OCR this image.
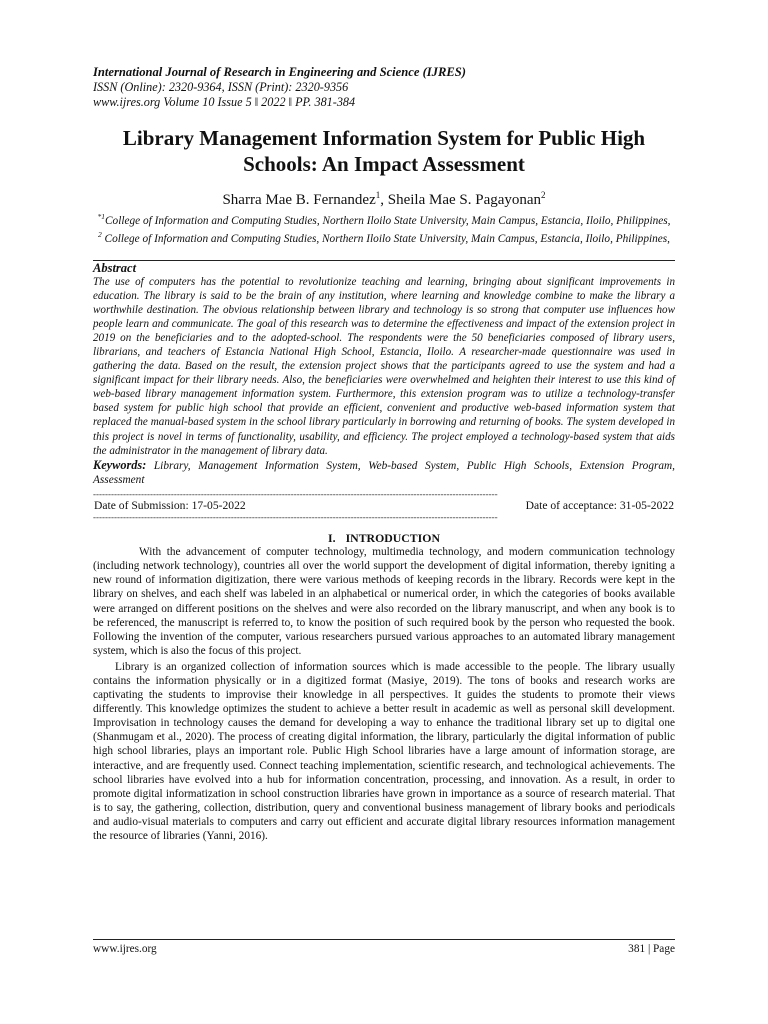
International Journal of Research in Engineering and Science (IJRES)
ISSN (Online): 2320-9364, ISSN (Print): 2320-9356
www.ijres.org Volume 10 Issue 5 ǁ 2022 ǁ PP. 381-384
Library Management Information System for Public High Schools: An Impact Assessment
Sharra Mae B. Fernandez$^1$, Sheila Mae S. Pagayonan$^2$
$^{*1}$College of Information and Computing Studies, Northern Iloilo State University, Main Campus, Estancia, Iloilo, Philippines,
$^2$ College of Information and Computing Studies, Northern Iloilo State University, Main Campus, Estancia, Iloilo, Philippines,
Abstract
The use of computers has the potential to revolutionize teaching and learning, bringing about significant improvements in education. The library is said to be the brain of any institution, where learning and knowledge combine to make the library a worthwhile destination. The obvious relationship between library and technology is so strong that computer use influences how people learn and communicate. The goal of this research was to determine the effectiveness and impact of the extension project in 2019 on the beneficiaries and to the adopted-school. The respondents were the 50 beneficiaries composed of library users, librarians, and teachers of Estancia National High School, Estancia, Iloilo. A researcher-made questionnaire was used in gathering the data. Based on the result, the extension project shows that the participants agreed to use the system and had a significant impact for their library needs. Also, the beneficiaries were overwhelmed and heighten their interest to use this kind of web-based library management information system. Furthermore, this extension program was to utilize a technology-transfer based system for public high school that provide an efficient, convenient and productive web-based information system that replaced the manual-based system in the school library particularly in borrowing and returning of books. The system developed in this project is novel in terms of functionality, usability, and efficiency. The project employed a technology-based system that aids the administrator in the management of library data.
Keywords: Library, Management Information System, Web-based System, Public High Schools, Extension Program, Assessment
---------------------------------------------------------------------------------------------------------------------------------------
Date of Submission: 17-05-2022	Date of acceptance: 31-05-2022
---------------------------------------------------------------------------------------------------------------------------------------
I. INTRODUCTION
With the advancement of computer technology, multimedia technology, and modern communication technology (including network technology), countries all over the world support the development of digital information, thereby igniting a new round of information digitization, there were various methods of keeping records in the library. Records were kept in the library on shelves, and each shelf was labeled in an alphabetical or numerical order, in which the categories of books available were arranged on different positions on the shelves and were also recorded on the library manuscript, and when any book is to be referenced, the manuscript is referred to, to know the position of such required book by the person who requested the book. Following the invention of the computer, various researchers pursued various approaches to an automated library management system, which is also the focus of this project.
Library is an organized collection of information sources which is made accessible to the people. The library usually contains the information physically or in a digitized format (Masiye, 2019). The tons of books and research works are captivating the students to improvise their knowledge in all perspectives. It guides the students to promote their views differently. This knowledge optimizes the student to achieve a better result in academic as well as personal skill development. Improvisation in technology causes the demand for developing a way to enhance the traditional library set up to digital one (Shanmugam et al., 2020). The process of creating digital information, the library, particularly the digital information of public high school libraries, plays an important role. Public High School libraries have a large amount of information storage, are interactive, and are frequently used. Connect teaching implementation, scientific research, and technological achievements. The school libraries have evolved into a hub for information concentration, processing, and innovation. As a result, in order to promote digital informatization in school construction libraries have grown in importance as a source of research material. That is to say, the gathering, collection, distribution, query and conventional business management of library books and periodicals and audio-visual materials to computers and carry out efficient and accurate digital library resources information management the resource of libraries (Yanni, 2016).
www.ijres.org	381 | Page
